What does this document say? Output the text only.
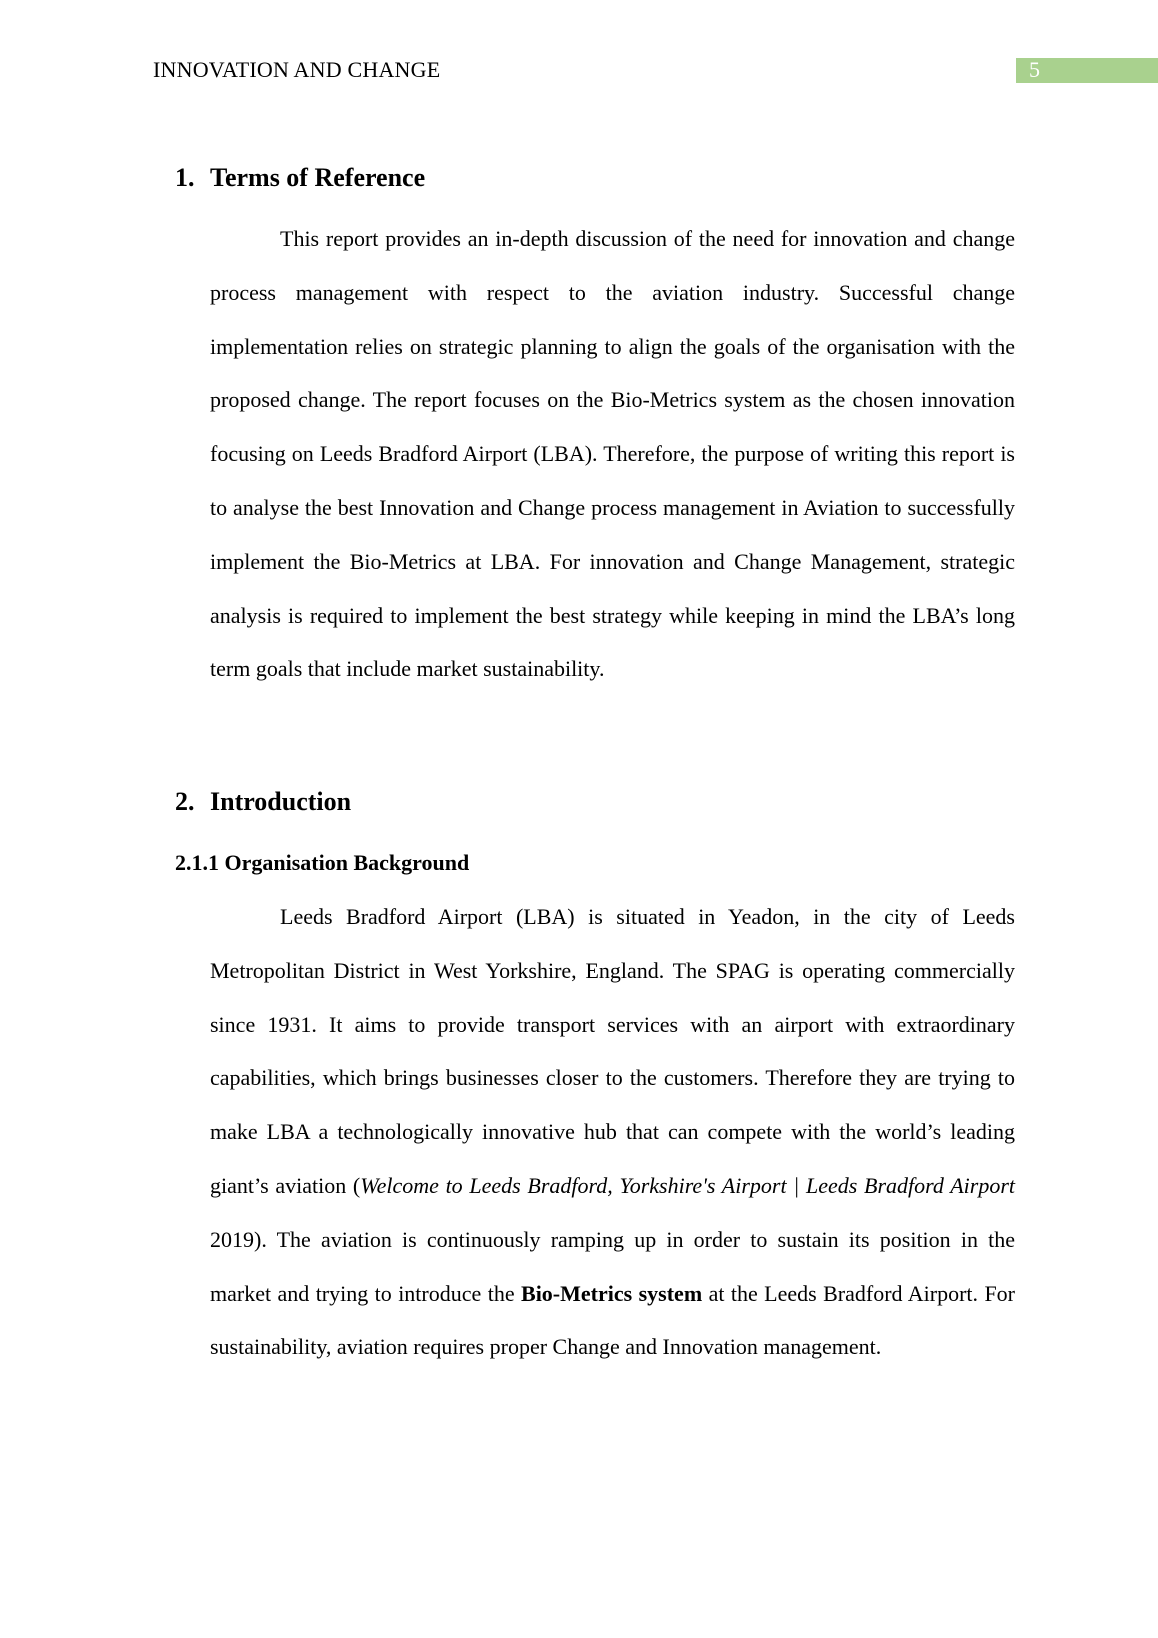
INNOVATION AND CHANGE	5
1. Terms of Reference

This report provides an in-depth discussion of the need for innovation and change process management with respect to the aviation industry. Successful change implementation relies on strategic planning to align the goals of the organisation with the proposed change. The report focuses on the Bio-Metrics system as the chosen innovation focusing on Leeds Bradford Airport (LBA). Therefore, the purpose of writing this report is to analyse the best Innovation and Change process management in Aviation to successfully implement the Bio-Metrics at LBA. For innovation and Change Management, strategic analysis is required to implement the best strategy while keeping in mind the LBA’s long term goals that include market sustainability.

2. Introduction
2.1.1 Organisation Background

Leeds Bradford Airport (LBA) is situated in Yeadon, in the city of Leeds Metropolitan District in West Yorkshire, England. The SPAG is operating commercially since 1931. It aims to provide transport services with an airport with extraordinary capabilities, which brings businesses closer to the customers. Therefore they are trying to make LBA a technologically innovative hub that can compete with the world’s leading giant’s aviation (Welcome to Leeds Bradford, Yorkshire's Airport | Leeds Bradford Airport 2019). The aviation is continuously ramping up in order to sustain its position in the market and trying to introduce the Bio-Metrics system at the Leeds Bradford Airport. For sustainability, aviation requires proper Change and Innovation management.
